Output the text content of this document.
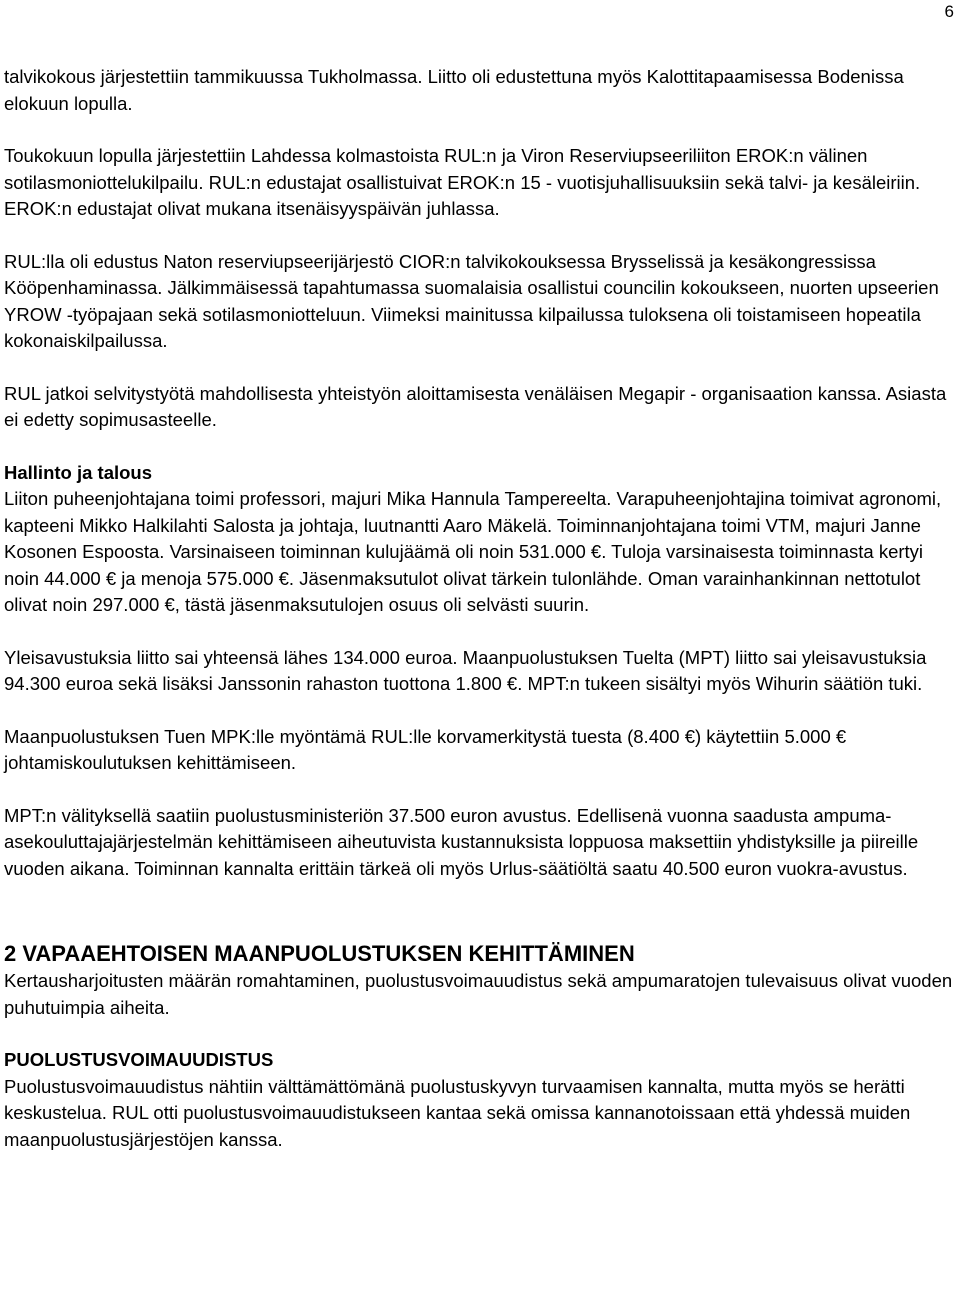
6

talvikokous järjestettiin tammikuussa Tukholmassa. Liitto oli edustettuna myös Kalottitapaamisessa Bodenissa elokuun lopulla.

Toukokuun lopulla järjestettiin Lahdessa kolmastoista RUL:n ja Viron Reserviupseeriliiton EROK:n välinen sotilasmoniottelukilpailu. RUL:n edustajat osallistuivat EROK:n 15 - vuotisjuhallisuuksiin sekä talvi- ja kesäleiriin. EROK:n edustajat olivat mukana itsenäisyyspäivän juhlassa.

RUL:lla oli edustus Naton reserviupseerijärjestö CIOR:n talvikokouksessa Brysselissä ja kesäkongressissa Kööpenhaminassa. Jälkimmäisessä tapahtumassa suomalaisia osallistui councilin kokoukseen, nuorten upseerien YROW -työpajaan sekä sotilasmoniotteluun. Viimeksi mainitussa kilpailussa tuloksena oli toistamiseen hopeatila kokonaiskilpailussa.

RUL jatkoi selvitystyötä mahdollisesta yhteistyön aloittamisesta venäläisen Megapir - organisaation kanssa. Asiasta ei edetty sopimusasteelle.

Hallinto ja talous

Liiton puheenjohtajana toimi professori, majuri Mika Hannula Tampereelta. Varapuheenjohtajina toimivat agronomi, kapteeni Mikko Halkilahti Salosta ja johtaja, luutnantti Aaro Mäkelä. Toiminnanjohtajana toimi VTM, majuri Janne Kosonen Espoosta. Varsinaiseen toiminnan kulujäämä oli noin 531.000 €. Tuloja varsinaisesta toiminnasta kertyi noin 44.000 € ja menoja 575.000 €. Jäsenmaksutulot olivat tärkein tulonlähde. Oman varainhankinnan nettotulot olivat noin 297.000 €, tästä jäsenmaksutulojen osuus oli selvästi suurin.

Yleisavustuksia liitto sai yhteensä lähes 134.000 euroa. Maanpuolustuksen Tuelta (MPT) liitto sai yleisavustuksia 94.300 euroa sekä lisäksi Janssonin rahaston tuottona 1.800 €. MPT:n tukeen sisältyi myös Wihurin säätiön tuki.

Maanpuolustuksen Tuen MPK:lle myöntämä RUL:lle korvamerkitystä tuesta (8.400 €) käytettiin 5.000 € johtamiskoulutuksen kehittämiseen.

MPT:n välityksellä saatiin puolustusministeriön 37.500 euron avustus. Edellisenä vuonna saadusta ampuma-asekouluttajajärjestelmän kehittämiseen aiheutuvista kustannuksista loppuosa maksettiin yhdistyksille ja piireille vuoden aikana. Toiminnan kannalta erittäin tärkeä oli myös Urlus-säätiöltä saatu 40.500 euron vuokra-avustus.

2 VAPAAEHTOISEN MAANPUOLUSTUKSEN KEHITTÄMINEN

Kertausharjoitusten määrän romahtaminen, puolustusvoimauudistus sekä ampumaratojen tulevaisuus olivat vuoden puhutuimpia aiheita.

PUOLUSTUSVOIMAUUDISTUS

Puolustusvoimauudistus nähtiin välttämättömänä puolustuskyvyn turvaamisen kannalta, mutta myös se herätti keskustelua. RUL otti puolustusvoimauudistukseen kantaa sekä omissa kannanotoissaan että yhdessä muiden maanpuolustusjärjestöjen kanssa.
